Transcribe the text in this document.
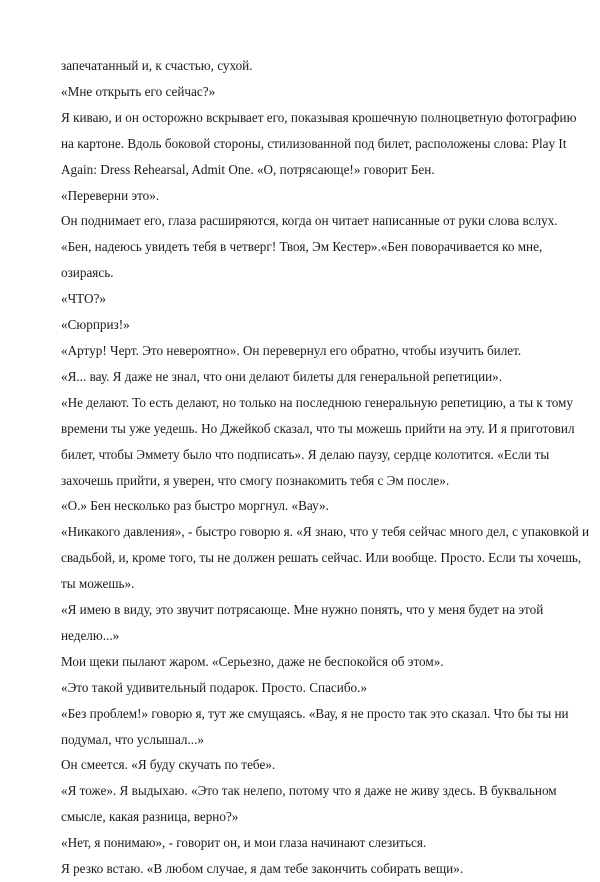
запечатанный и, к счастью, сухой.

«Мне открыть его сейчас?»

Я киваю, и он осторожно вскрывает его, показывая крошечную полноцветную фотографию
на картоне. Вдоль боковой стороны, стилизованной под билет, расположены слова: Play It
Again: Dress Rehearsal, Admit One. «О, потрясающе!» говорит Бен.

«Переверни это».

Он поднимает его, глаза расширяются, когда он читает написанные от руки слова вслух.
«Бен, надеюсь увидеть тебя в четверг! Твоя, Эм Кестер».«Бен поворачивается ко мне,
озираясь.

«ЧТО?»

«Сюрприз!»

«Артур! Черт. Это невероятно». Он перевернул его обратно, чтобы изучить билет.

«Я... вау. Я даже не знал, что они делают билеты для генеральной репетиции».

«Не делают. То есть делают, но только на последнюю генеральную репетицию, а ты к тому
времени ты уже уедешь. Но Джейкоб сказал, что ты можешь прийти на эту. И я приготовил
билет, чтобы Эммету было что подписать». Я делаю паузу, сердце колотится. «Если ты
захочешь прийти, я уверен, что смогу познакомить тебя с Эм после».

«О.» Бен несколько раз быстро моргнул. «Вау».

«Никакого давления», - быстро говорю я. «Я знаю, что у тебя сейчас много дел, с упаковкой и
свадьбой, и, кроме того, ты не должен решать сейчас. Или вообще. Просто. Если ты хочешь,
ты можешь».

«Я имею в виду, это звучит потрясающе. Мне нужно понять, что у меня будет на этой
неделю...»

Мои щеки пылают жаром. «Серьезно, даже не беспокойся об этом».

«Это такой удивительный подарок. Просто. Спасибо.»

«Без проблем!» говорю я, тут же смущаясь. «Вау, я не просто так это сказал. Что бы ты ни
подумал, что услышал...»

Он смеется. «Я буду скучать по тебе».

«Я тоже». Я выдыхаю. «Это так нелепо, потому что я даже не живу здесь. В буквальном
смысле, какая разница, верно?»

«Нет, я понимаю», - говорит он, и мои глаза начинают слезиться.

Я резко встаю. «В любом случае, я дам тебе закончить собирать вещи».
